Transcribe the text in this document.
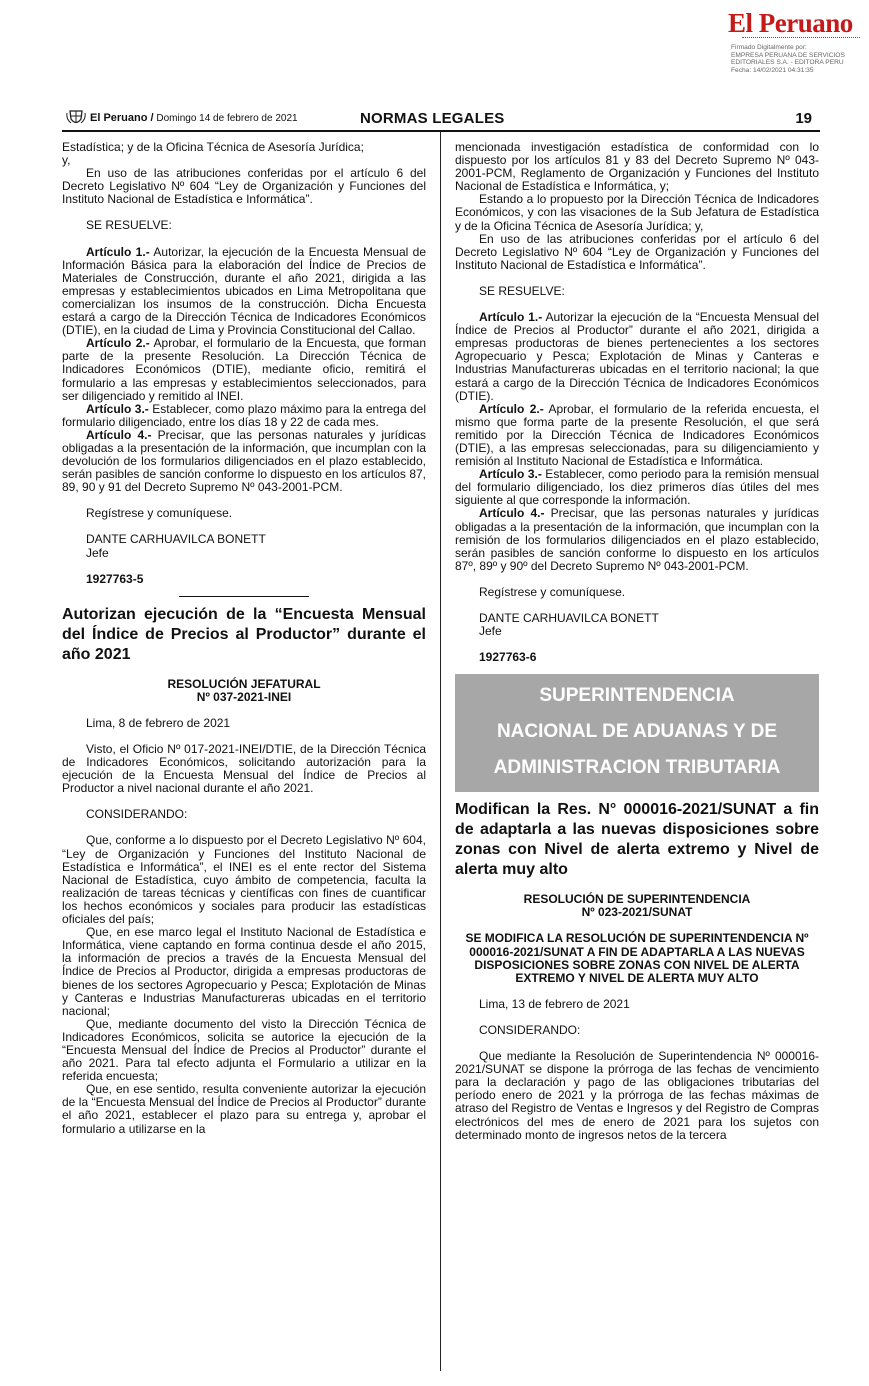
El Peruano
Firmado Digitalmente por:
EMPRESA PERUANA DE SERVICIOS
EDITORIALES S.A. - EDITORA PERU
Fecha: 14/02/2021 04:31:35
El Peruano / Domingo 14 de febrero de 2021	NORMAS LEGALES	19

Estadística; y de la Oficina Técnica de Asesoría Jurídica;

y,

En uso de las atribuciones conferidas por el artículo 6 del Decreto Legislativo Nº 604 “Ley de Organización y Funciones del Instituto Nacional de Estadística e Informática”.

SE RESUELVE:

Artículo 1.- Autorizar, la ejecución de la Encuesta Mensual de Información Básica para la elaboración del Índice de Precios de Materiales de Construcción, durante el año 2021, dirigida a las empresas y establecimientos ubicados en Lima Metropolitana que comercializan los insumos de la construcción. Dicha Encuesta estará a cargo de la Dirección Técnica de Indicadores Económicos (DTIE), en la ciudad de Lima y Provincia Constitucional del Callao.

Artículo 2.- Aprobar, el formulario de la Encuesta, que forman parte de la presente Resolución. La Dirección Técnica de Indicadores Económicos (DTIE), mediante oficio, remitirá el formulario a las empresas y establecimientos seleccionados, para ser diligenciado y remitido al INEI.

Artículo 3.- Establecer, como plazo máximo para la entrega del formulario diligenciado, entre los días 18 y 22 de cada mes.

Artículo 4.- Precisar, que las personas naturales y jurídicas obligadas a la presentación de la información, que incumplan con la devolución de los formularios diligenciados en el plazo establecido, serán pasibles de sanción conforme lo dispuesto en los artículos 87, 89, 90 y 91 del Decreto Supremo Nº 043-2001-PCM.

Regístrese y comuníquese.

DANTE CARHUAVILCA BONETT

Jefe

1927763-5

Autorizan ejecución de la “Encuesta Mensual del Índice de Precios al Productor” durante el año 2021

RESOLUCIÓN JEFATURAL

Nº 037-2021-INEI

Lima, 8 de febrero de 2021

Visto, el Oficio Nº 017-2021-INEI/DTIE, de la Dirección Técnica de Indicadores Económicos, solicitando autorización para la ejecución de la Encuesta Mensual del Índice de Precios al Productor a nivel nacional durante el año 2021.

CONSIDERANDO:

Que, conforme a lo dispuesto por el Decreto Legislativo Nº 604, “Ley de Organización y Funciones del Instituto Nacional de Estadística e Informática”, el INEI es el ente rector del Sistema Nacional de Estadística, cuyo ámbito de competencia, faculta la realización de tareas técnicas y científicas con fines de cuantificar los hechos económicos y sociales para producir las estadísticas oficiales del país;

Que, en ese marco legal el Instituto Nacional de Estadística e Informática, viene captando en forma continua desde el año 2015, la información de precios a través de la Encuesta Mensual del Índice de Precios al Productor, dirigida a empresas productoras de bienes de los sectores Agropecuario y Pesca; Explotación de Minas y Canteras e Industrias Manufactureras ubicadas en el territorio nacional;

Que, mediante documento del visto la Dirección Técnica de Indicadores Económicos, solicita se autorice la ejecución de la “Encuesta Mensual del Índice de Precios al Productor” durante el año 2021. Para tal efecto adjunta el Formulario a utilizar en la referida encuesta;

Que, en ese sentido, resulta conveniente autorizar la ejecución de la “Encuesta Mensual del Índice de Precios al Productor” durante el año 2021, establecer el plazo para su entrega y, aprobar el formulario a utilizarse en la

mencionada investigación estadística de conformidad con lo dispuesto por los artículos 81 y 83 del Decreto Supremo Nº 043-2001-PCM, Reglamento de Organización y Funciones del Instituto Nacional de Estadística e Informática, y;

Estando a lo propuesto por la Dirección Técnica de Indicadores Económicos, y con las visaciones de la Sub Jefatura de Estadística y de la Oficina Técnica de Asesoría Jurídica; y,

En uso de las atribuciones conferidas por el artículo 6 del Decreto Legislativo Nº 604 “Ley de Organización y Funciones del Instituto Nacional de Estadística e Informática”.

SE RESUELVE:

Artículo 1.- Autorizar la ejecución de la “Encuesta Mensual del Índice de Precios al Productor” durante el año 2021, dirigida a empresas productoras de bienes pertenecientes a los sectores Agropecuario y Pesca; Explotación de Minas y Canteras e Industrias Manufactureras ubicadas en el territorio nacional; la que estará a cargo de la Dirección Técnica de Indicadores Económicos (DTIE).

Artículo 2.- Aprobar, el formulario de la referida encuesta, el mismo que forma parte de la presente Resolución, el que será remitido por la Dirección Técnica de Indicadores Económicos (DTIE), a las empresas seleccionadas, para su diligenciamiento y remisión al Instituto Nacional de Estadística e Informática.

Artículo 3.- Establecer, como periodo para la remisión mensual del formulario diligenciado, los diez primeros días útiles del mes siguiente al que corresponde la información.

Artículo 4.- Precisar, que las personas naturales y jurídicas obligadas a la presentación de la información, que incumplan con la remisión de los formularios diligenciados en el plazo establecido, serán pasibles de sanción conforme lo dispuesto en los artículos 87º, 89º y 90º del Decreto Supremo Nº 043-2001-PCM.

Regístrese y comuníquese.

DANTE CARHUAVILCA BONETT

Jefe

1927763-6

SUPERINTENDENCIA
NACIONAL DE ADUANAS Y DE
ADMINISTRACION TRIBUTARIA

Modifican la Res. N° 000016-2021/SUNAT a fin de adaptarla a las nuevas disposiciones sobre zonas con Nivel de alerta extremo y Nivel de alerta muy alto

RESOLUCIÓN DE SUPERINTENDENCIA

Nº 023-2021/SUNAT

SE MODIFICA LA RESOLUCIÓN DE SUPERINTENDENCIA Nº 000016-2021/SUNAT A FIN DE ADAPTARLA A LAS NUEVAS DISPOSICIONES SOBRE ZONAS CON NIVEL DE ALERTA EXTREMO Y NIVEL DE ALERTA MUY ALTO

Lima, 13 de febrero de 2021

CONSIDERANDO:

Que mediante la Resolución de Superintendencia Nº 000016-2021/SUNAT se dispone la prórroga de las fechas de vencimiento para la declaración y pago de las obligaciones tributarias del período enero de 2021 y la prórroga de las fechas máximas de atraso del Registro de Ventas e Ingresos y del Registro de Compras electrónicos del mes de enero de 2021 para los sujetos con determinado monto de ingresos netos de la tercera
